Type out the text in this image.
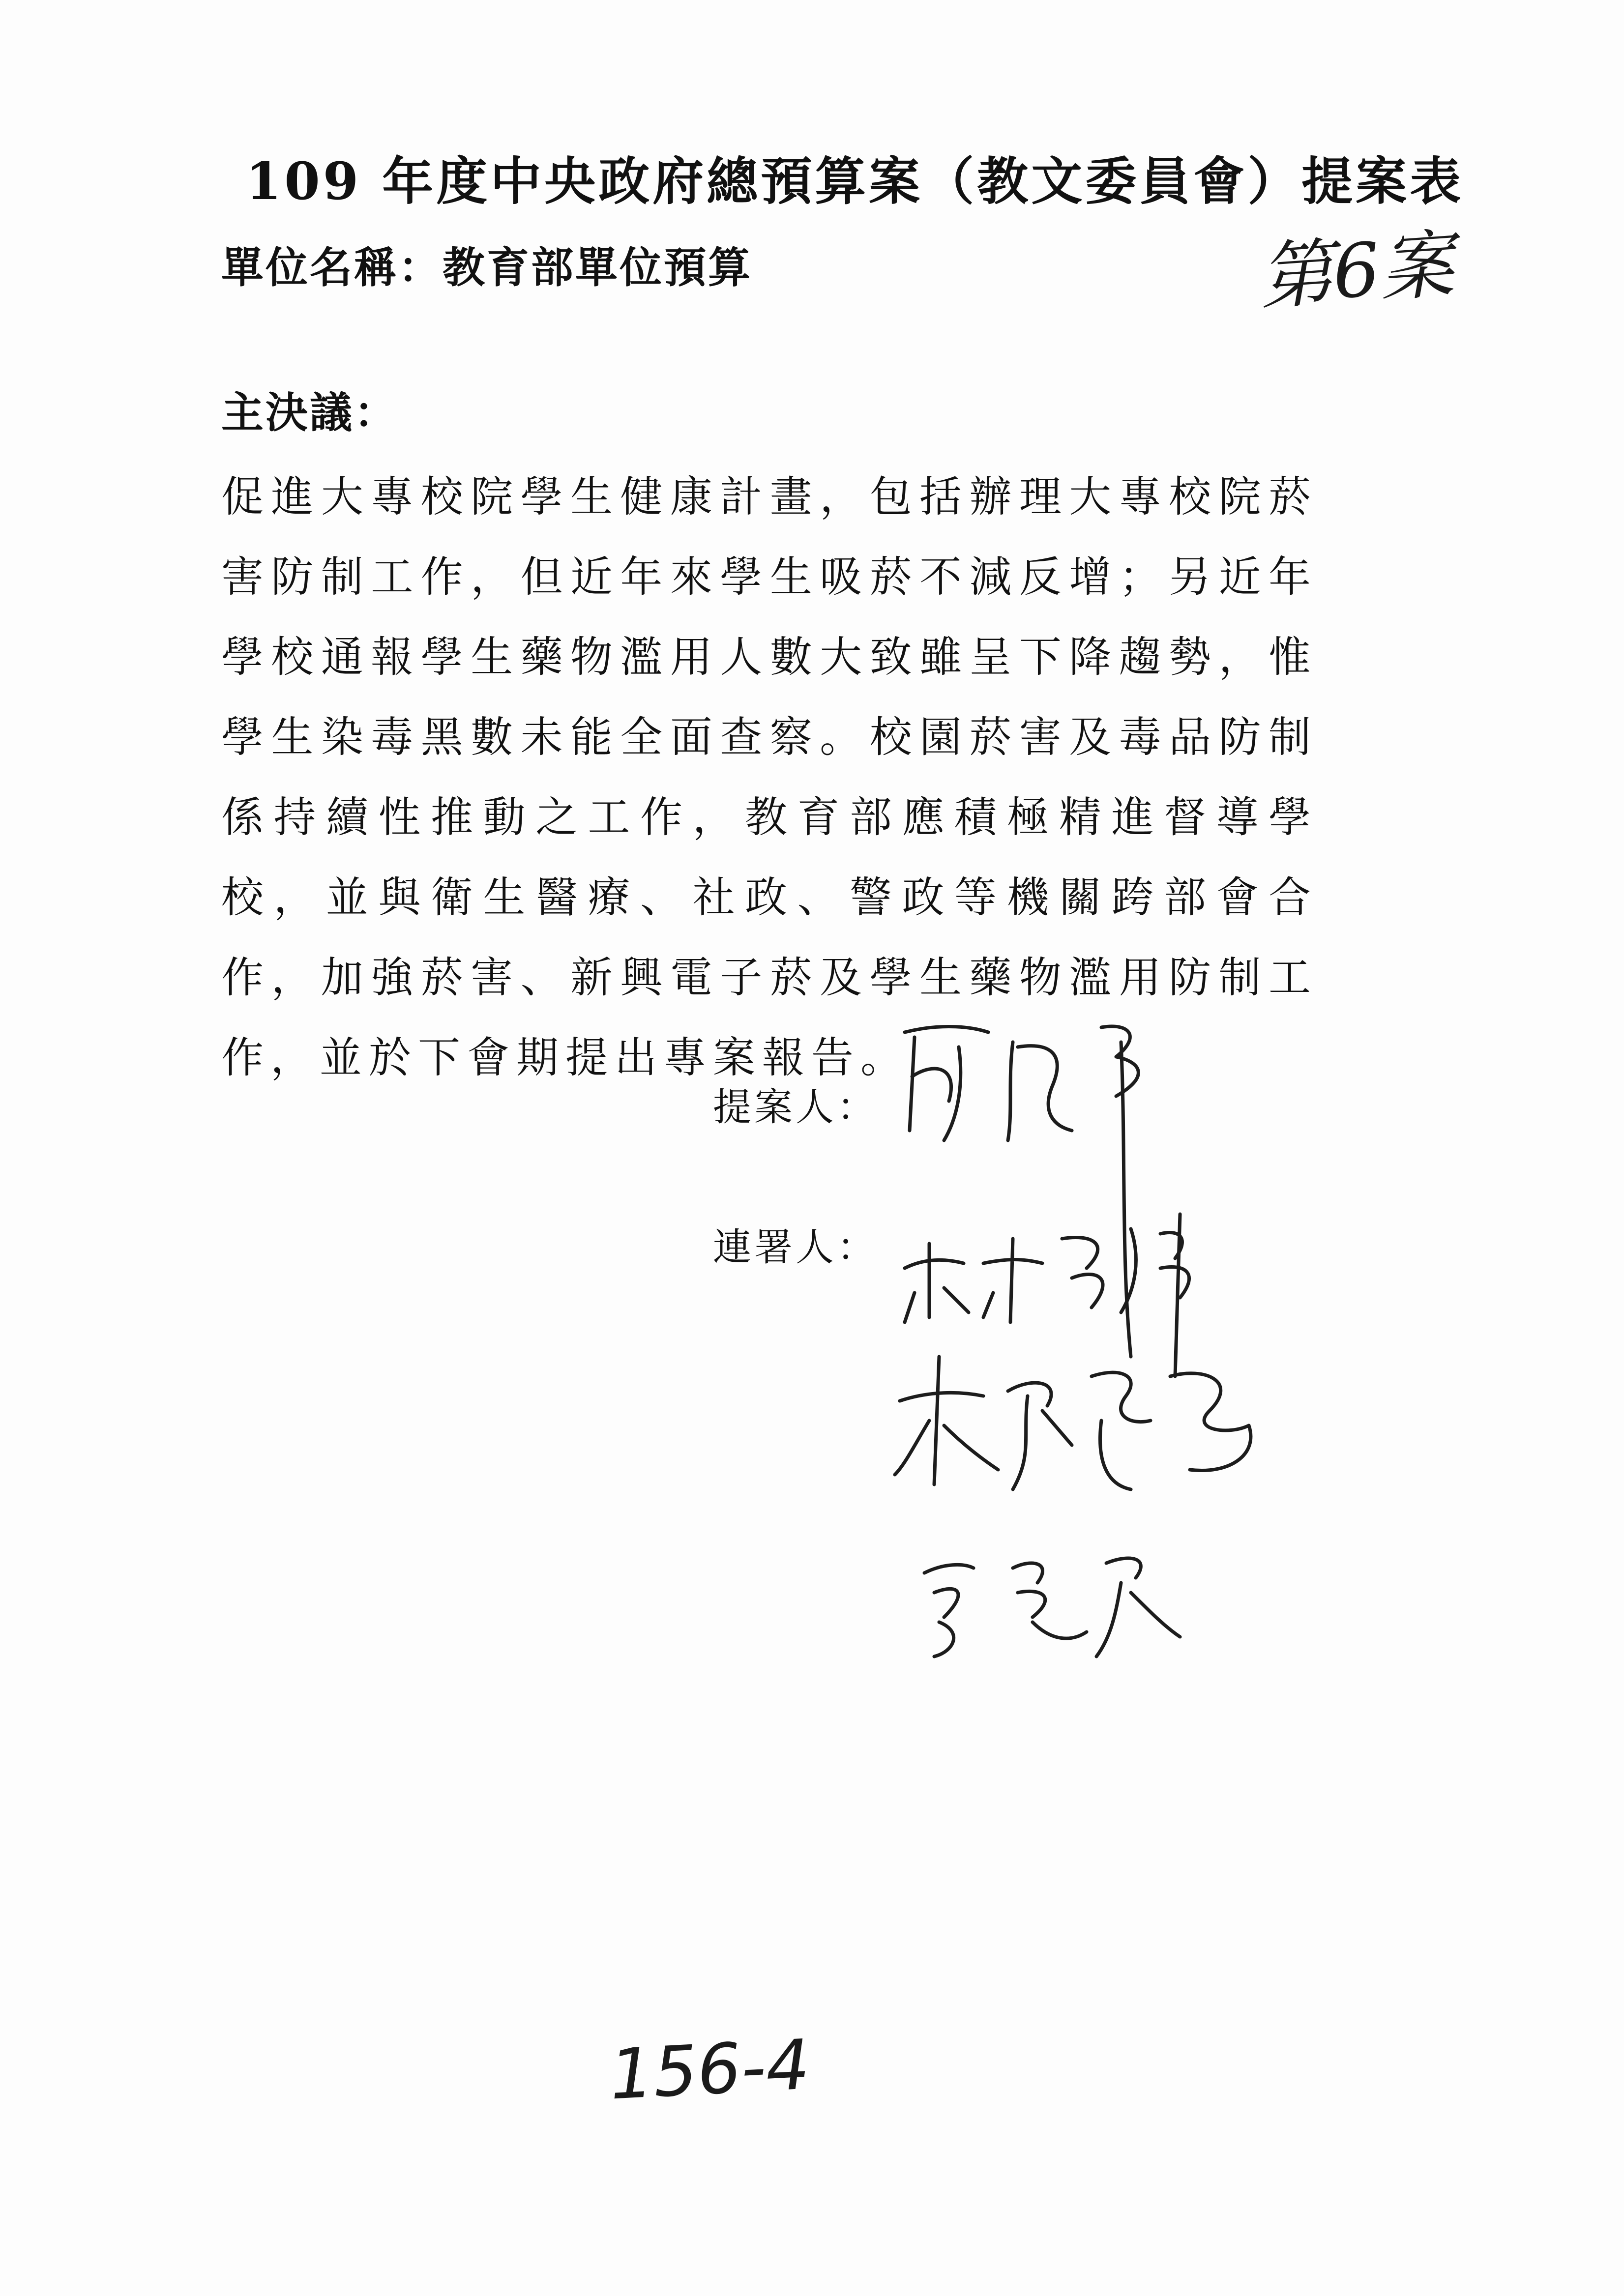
109 年度中央政府總預算案（教文委員會）提案表
單位名稱：教育部單位預算	第6案
主決議：
促進大專校院學生健康計畫，包括辦理大專校院菸害防制工作，但近年來學生吸菸不減反增；另近年學校通報學生藥物濫用人數大致雖呈下降趨勢，惟學生染毒黑數未能全面查察。校園菸害及毒品防制係持續性推動之工作，教育部應積極精進督導學校，並與衛生醫療、社政、警政等機關跨部會合作，加強菸害、新興電子菸及學生藥物濫用防制工作，並於下會期提出專案報告。
提案人：
連署人：
156-4
